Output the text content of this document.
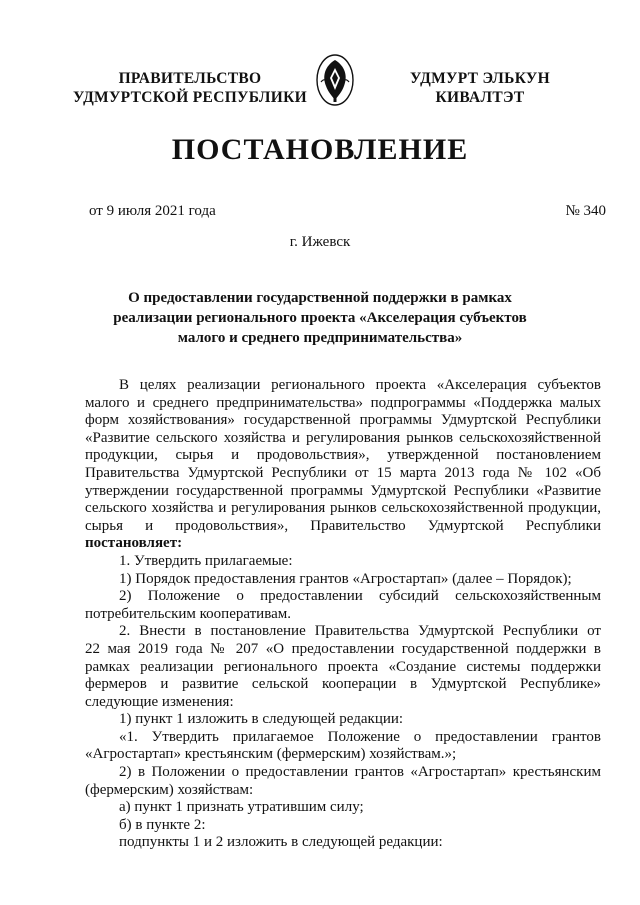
ПРАВИТЕЛЬСТВО
УДМУРТСКОЙ РЕСПУБЛИКИ
УДМУРТ ЭЛЬКУН
КИВАЛТЭТ
ПОСТАНОВЛЕНИЕ
от 9 июля 2021 года	№ 340
г. Ижевск
О предоставлении государственной поддержки в рамках
реализации регионального проекта «Акселерация субъектов
малого и среднего предпринимательства»
В целях реализации регионального проекта «Акселерация субъектов
малого и среднего предпринимательства» подпрограммы «Поддержка малых
форм хозяйствования» государственной программы Удмуртской Республики
«Развитие сельского хозяйства и регулирования рынков сельскохозяйственной
продукции, сырья и продовольствия», утвержденной постановлением
Правительства Удмуртской Республики от 15 марта 2013 года № 102 «Об
утверждении государственной программы Удмуртской Республики «Развитие
сельского хозяйства и регулирования рынков сельскохозяйственной продукции,
сырья и продовольствия», Правительство Удмуртской Республики
постановляет:
1. Утвердить прилагаемые:
1) Порядок предоставления грантов «Агростартап» (далее – Порядок);
2) Положение о предоставлении субсидий сельскохозяйственным
потребительским кооперативам.
2. Внести в постановление Правительства Удмуртской Республики от
22 мая 2019 года № 207 «О предоставлении государственной поддержки в
рамках реализации регионального проекта «Создание системы поддержки
фермеров и развитие сельской кооперации в Удмуртской Республике»
следующие изменения:
1) пункт 1 изложить в следующей редакции:
«1. Утвердить прилагаемое Положение о предоставлении грантов
«Агростартап» крестьянским (фермерским) хозяйствам.»;
2) в Положении о предоставлении грантов «Агростартап» крестьянским
(фермерским) хозяйствам:
а) пункт 1 признать утратившим силу;
б) в пункте 2:
подпункты 1 и 2 изложить в следующей редакции:
